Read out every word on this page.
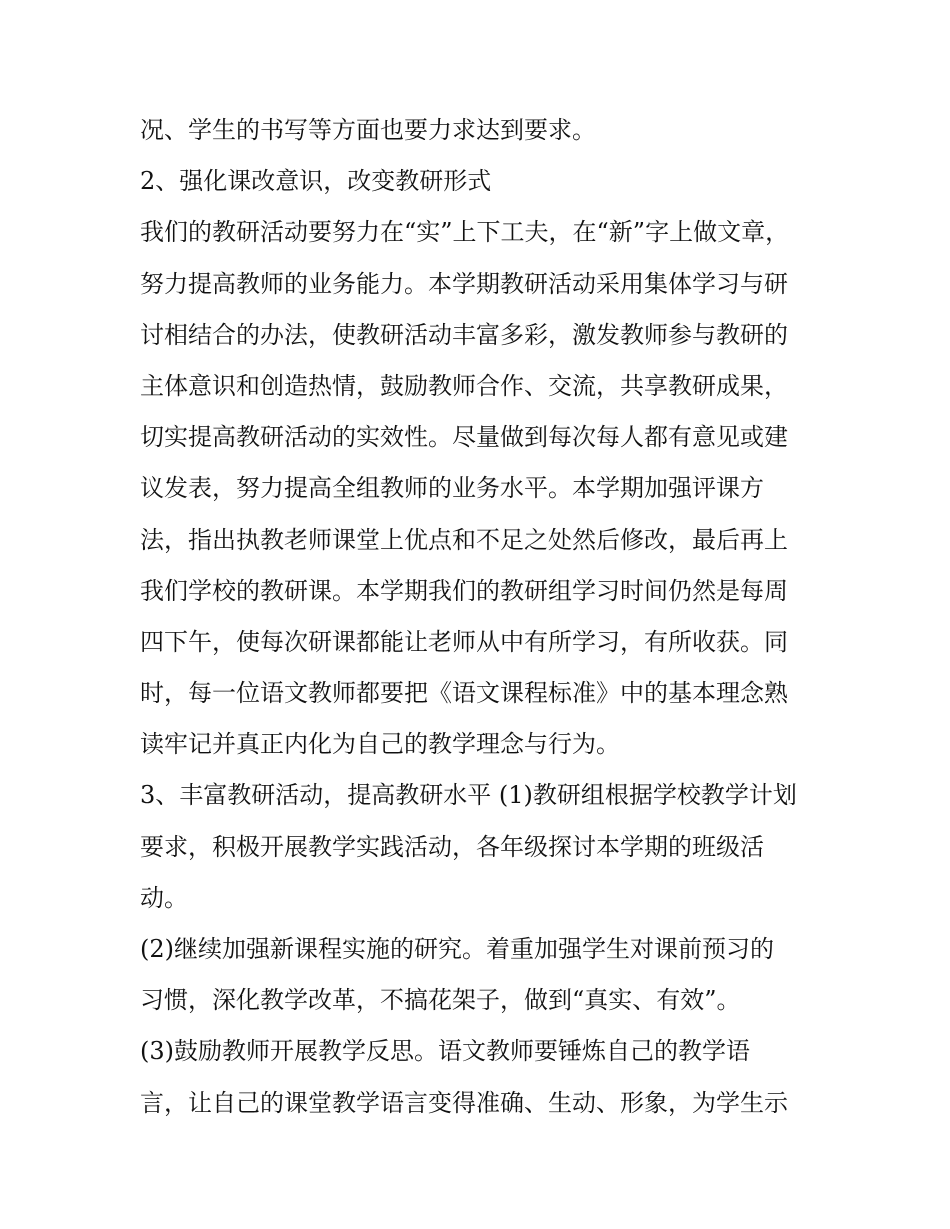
况、学生的书写等方面也要力求达到要求。
2、强化课改意识，改变教研形式
我们的教研活动要努力在“实”上下工夫，在“新”字上做文章，
努力提高教师的业务能力。本学期教研活动采用集体学习与研
讨相结合的办法，使教研活动丰富多彩，激发教师参与教研的
主体意识和创造热情，鼓励教师合作、交流，共享教研成果，
切实提高教研活动的实效性。尽量做到每次每人都有意见或建
议发表，努力提高全组教师的业务水平。本学期加强评课方
法，指出执教老师课堂上优点和不足之处然后修改，最后再上
我们学校的教研课。本学期我们的教研组学习时间仍然是每周
四下午，使每次研课都能让老师从中有所学习，有所收获。同
时，每一位语文教师都要把《语文课程标准》中的基本理念熟
读牢记并真正内化为自己的教学理念与行为。
3、丰富教研活动，提高教研水平 (1)教研组根据学校教学计划
要求，积极开展教学实践活动，各年级探讨本学期的班级活
动。
(2)继续加强新课程实施的研究。着重加强学生对课前预习的
习惯，深化教学改革，不搞花架子，做到“真实、有效”。
(3)鼓励教师开展教学反思。语文教师要锤炼自己的教学语
言，让自己的课堂教学语言变得准确、生动、形象，为学生示
